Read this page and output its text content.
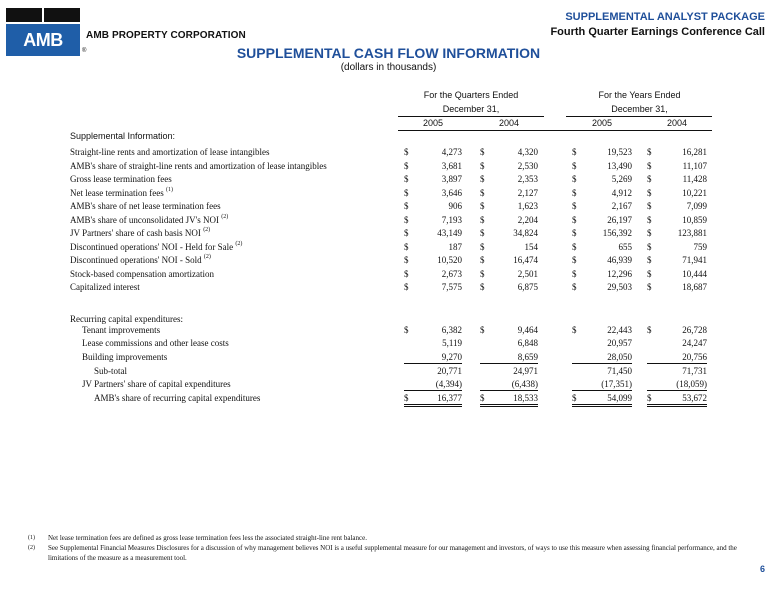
AMB
®
AMB PROPERTY CORPORATION
SUPPLEMENTAL ANALYST PACKAGE
Fourth Quarter Earnings Conference Call
SUPPLEMENTAL CASH FLOW INFORMATION
(dollars in thousands)
For the Quarters Ended
December 31,
For the Years Ended
December 31,
2005	2004	2005	2004
Supplemental Information:
Straight-line rents and amortization of lease intangibles	$	4,273 $	4,320	$	19,523 $	16,281
AMB's share of straight-line rents and amortization of lease intangibles	$	3,681 $	2,530	$	13,490 $	11,107
Gross lease termination fees	$	3,897 $	2,353	$	5,269 $	11,428
Net lease termination fees $^{(1)}$	$	3,646 $	2,127	$	4,912 $	10,221
AMB's share of net lease termination fees	$	906 $	1,623	$	2,167 $	7,099
AMB's share of unconsolidated JV's NOI $^{(2)}$	$	7,193 $	2,204	$	26,197 $	10,859
JV Partners' share of cash basis NOI $^{(2)}$	$	43,149 $	34,824	$	156,392 $	123,881
Discontinued operations' NOI - Held for Sale $^{(2)}$	$	187 $	154	$	655 $	759
Discontinued operations' NOI - Sold $^{(2)}$	$	10,520 $	16,474	$	46,939 $	71,941
Stock-based compensation amortization	$	2,673 $	2,501	$	12,296 $	10,444
Capitalized interest	$	7,575 $	6,875	$	29,503 $	18,687
Recurring capital expenditures:
Tenant improvements	$	6,382 $	9,464	$	22,443 $	26,728
Lease commissions and other lease costs	5,119	6,848	20,957	24,247
Building improvements	9,270	8,659	28,050	20,756
Sub-total	20,771	24,971	71,450	71,731
JV Partners' share of capital expenditures	(4,394)	(6,438)	(17,351)	(18,059)
AMB's share of recurring capital expenditures	$	16,377 $	18,533	$	54,099 $	53,672
(1) Net lease termination fees are defined as gross lease termination fees less the associated straight-line rent balance.
(2) See Supplemental Financial Measures Disclosures for a discussion of why management believes NOI is a useful supplemental measure for our management and investors, of ways to use this measure when assessing financial performance, and the limitations of the measure as a measurement tool.
6
